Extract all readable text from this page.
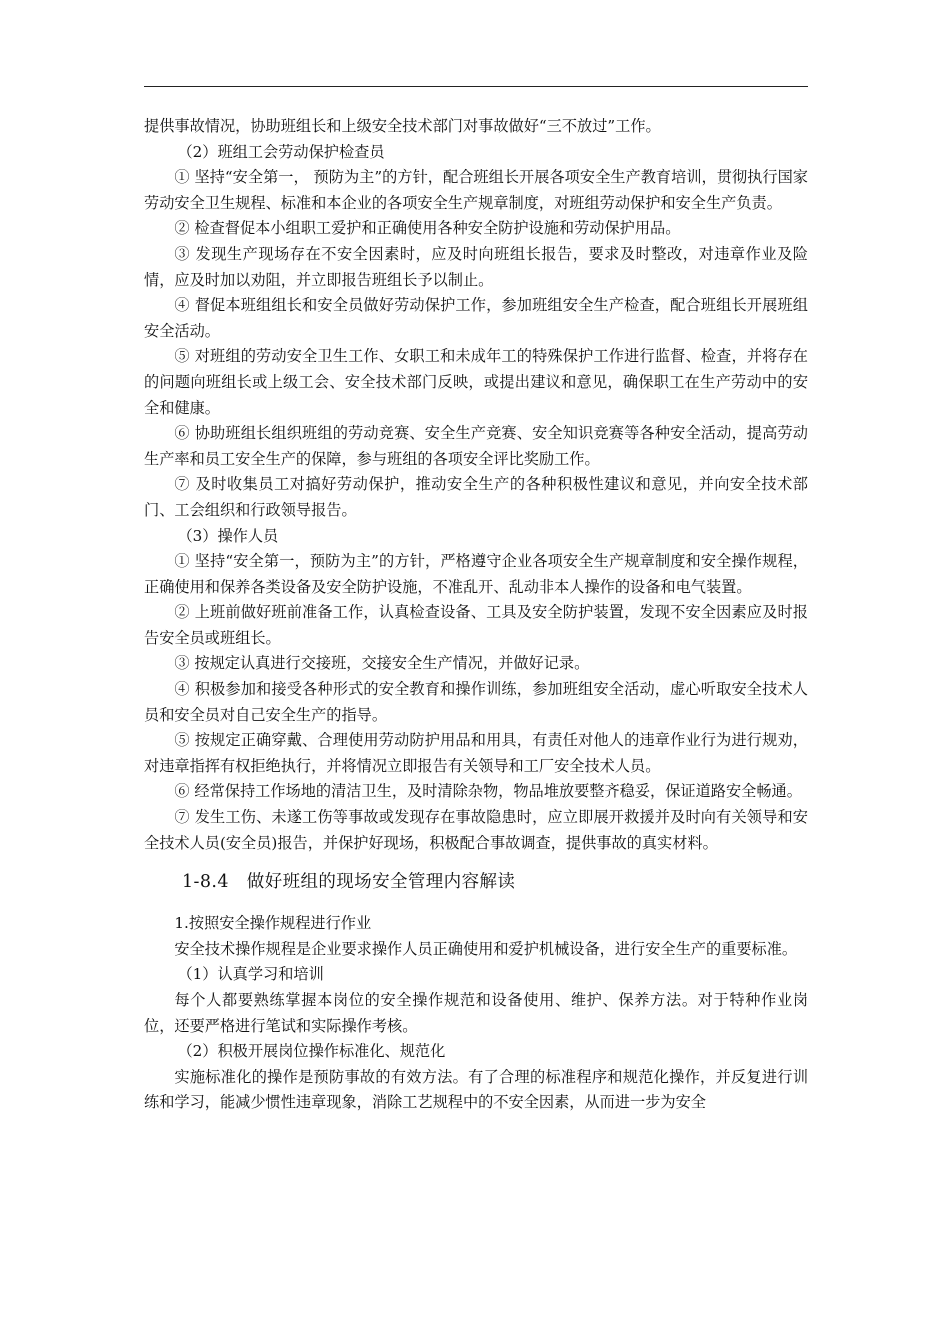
提供事故情况，协助班组长和上级安全技术部门对事故做好“三不放过”工作。

（2）班组工会劳动保护检查员

① 坚持“安全第一， 预防为主”的方针，配合班组长开展各项安全生产教育培训，贯彻执行国家劳动安全卫生规程、标准和本企业的各项安全生产规章制度，对班组劳动保护和安全生产负责。

② 检查督促本小组职工爱护和正确使用各种安全防护设施和劳动保护用品。

③ 发现生产现场存在不安全因素时，应及时向班组长报告，要求及时整改，对违章作业及险情，应及时加以劝阻，并立即报告班组长予以制止。

④ 督促本班组组长和安全员做好劳动保护工作，参加班组安全生产检查，配合班组长开展班组安全活动。

⑤ 对班组的劳动安全卫生工作、女职工和未成年工的特殊保护工作进行监督、检查，并将存在的问题向班组长或上级工会、安全技术部门反映，或提出建议和意见，确保职工在生产劳动中的安全和健康。

⑥ 协助班组长组织班组的劳动竞赛、安全生产竞赛、安全知识竞赛等各种安全活动，提高劳动生产率和员工安全生产的保障，参与班组的各项安全评比奖励工作。

⑦ 及时收集员工对搞好劳动保护，推动安全生产的各种积极性建议和意见，并向安全技术部门、工会组织和行政领导报告。

（3）操作人员

① 坚持“安全第一，预防为主”的方针，严格遵守企业各项安全生产规章制度和安全操作规程，正确使用和保养各类设备及安全防护设施，不准乱开、乱动非本人操作的设备和电气装置。

② 上班前做好班前准备工作，认真检查设备、工具及安全防护装置，发现不安全因素应及时报告安全员或班组长。

③ 按规定认真进行交接班，交接安全生产情况，并做好记录。

④ 积极参加和接受各种形式的安全教育和操作训练，参加班组安全活动，虚心听取安全技术人员和安全员对自己安全生产的指导。

⑤ 按规定正确穿戴、合理使用劳动防护用品和用具，有责任对他人的违章作业行为进行规劝，对违章指挥有权拒绝执行，并将情况立即报告有关领导和工厂安全技术人员。

⑥ 经常保持工作场地的清洁卫生，及时清除杂物，物品堆放要整齐稳妥，保证道路安全畅通。

⑦ 发生工伤、未遂工伤等事故或发现存在事故隐患时，应立即展开救援并及时向有关领导和安全技术人员(安全员)报告，并保护好现场，积极配合事故调查，提供事故的真实材料。

1-8.4　做好班组的现场安全管理内容解读

1.按照安全操作规程进行作业

安全技术操作规程是企业要求操作人员正确使用和爱护机械设备，进行安全生产的重要标准。

（1）认真学习和培训

每个人都要熟练掌握本岗位的安全操作规范和设备使用、维护、保养方法。对于特种作业岗位，还要严格进行笔试和实际操作考核。

（2）积极开展岗位操作标准化、规范化

实施标准化的操作是预防事故的有效方法。有了合理的标准程序和规范化操作，并反复进行训练和学习，能减少惯性违章现象，消除工艺规程中的不安全因素，从而进一步为安全
